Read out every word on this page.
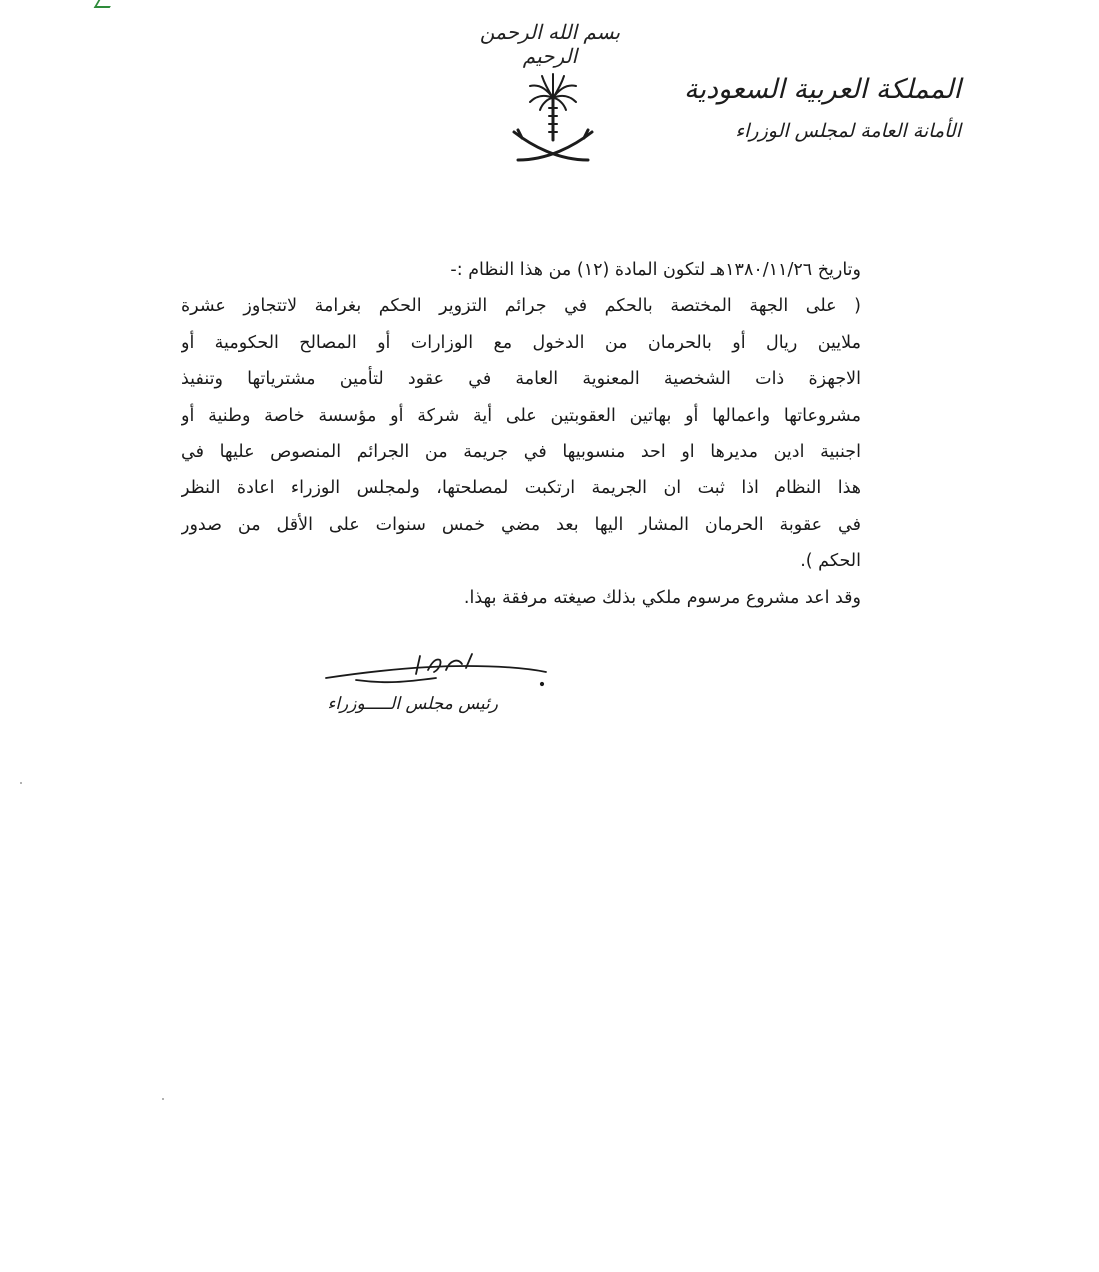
بسم الله الرحمن الرحيم
المملكة العربية السعودية
الأمانة العامة لمجلس الوزراء
وتاريخ ١٣٨٠/١١/٢٦هـ لتكون المادة (١٢) من هذا النظام :-
( على الجهة المختصة بالحكم في جرائم التزوير الحكم بغرامة لاتتجاوز عشرة
ملايين ريال أو بالحرمان من الدخول مع الوزارات أو المصالح الحكومية أو
الاجهزة ذات الشخصية المعنوية العامة في عقود لتأمين مشترياتها وتنفيذ
مشروعاتها واعمالها أو بهاتين العقوبتين على أية شركة أو مؤسسة خاصة وطنية أو
اجنبية ادين مديرها او احد منسوبيها في جريمة من الجرائم المنصوص عليها في
هذا النظام اذا ثبت ان الجريمة ارتكبت لمصلحتها، ولمجلس الوزراء اعادة النظر
في عقوبة الحرمان المشار اليها بعد مضي خمس سنوات على الأقل من صدور
الحكم ).
وقد اعد مشروع مرسوم ملكي بذلك صيغته مرفقة بهذا.
رئيس مجلس الـــــوزراء
